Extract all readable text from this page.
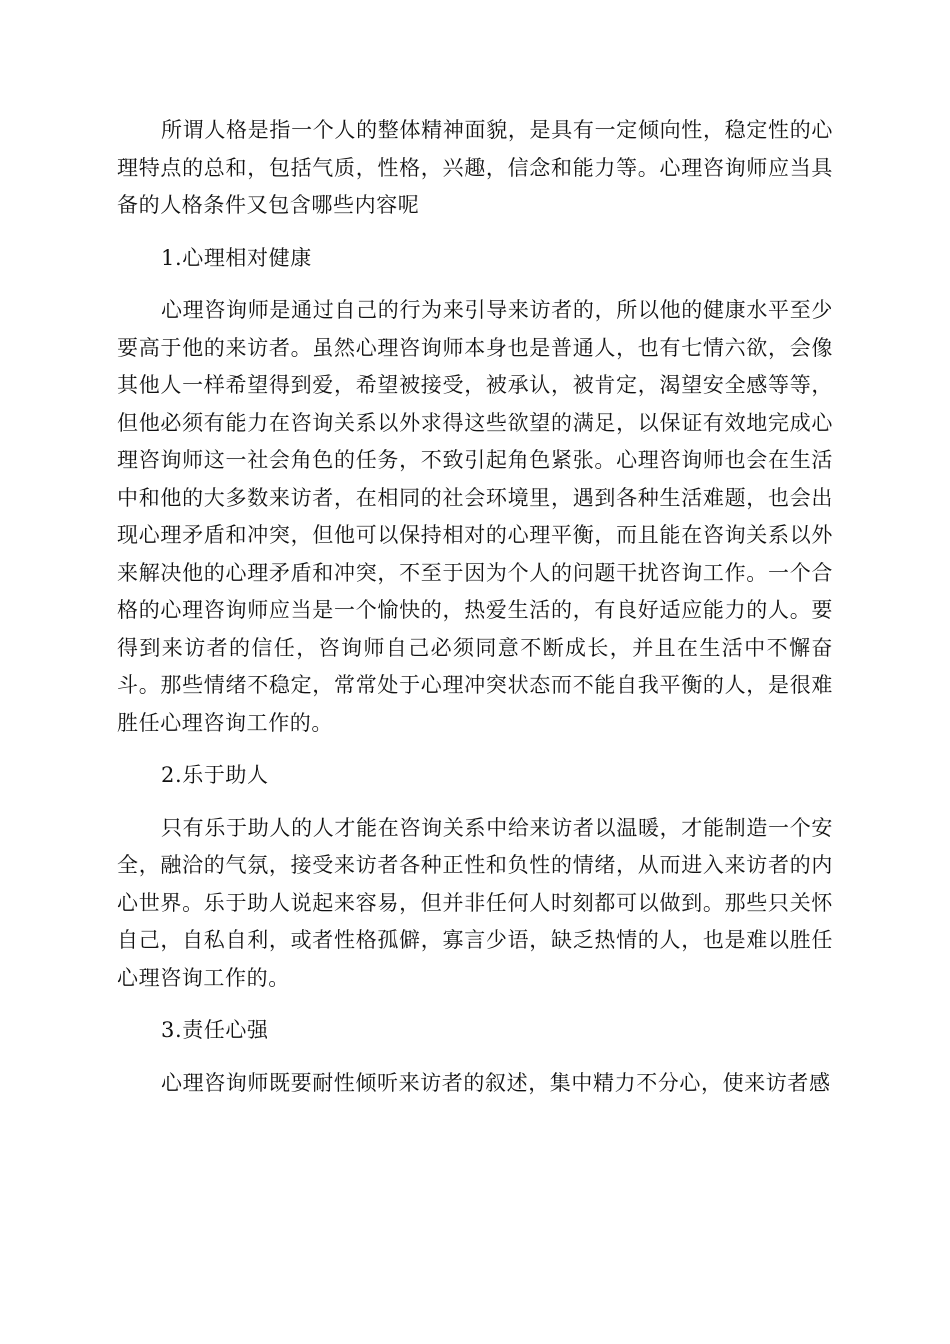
所谓人格是指一个人的整体精神面貌，是具有一定倾向性，稳定性的心理特点的总和，包括气质，性格，兴趣，信念和能力等。心理咨询师应当具备的人格条件又包含哪些内容呢

1.心理相对健康

心理咨询师是通过自己的行为来引导来访者的，所以他的健康水平至少要高于他的来访者。虽然心理咨询师本身也是普通人，也有七情六欲，会像其他人一样希望得到爱，希望被接受，被承认，被肯定，渴望安全感等等，但他必须有能力在咨询关系以外求得这些欲望的满足，以保证有效地完成心理咨询师这一社会角色的任务，不致引起角色紧张。心理咨询师也会在生活中和他的大多数来访者，在相同的社会环境里，遇到各种生活难题，也会出现心理矛盾和冲突，但他可以保持相对的心理平衡，而且能在咨询关系以外来解决他的心理矛盾和冲突，不至于因为个人的问题干扰咨询工作。一个合格的心理咨询师应当是一个愉快的，热爱生活的，有良好适应能力的人。要得到来访者的信任，咨询师自己必须同意不断成长，并且在生活中不懈奋斗。那些情绪不稳定，常常处于心理冲突状态而不能自我平衡的人，是很难胜任心理咨询工作的。

2.乐于助人

只有乐于助人的人才能在咨询关系中给来访者以温暖，才能制造一个安全，融洽的气氛，接受来访者各种正性和负性的情绪，从而进入来访者的内心世界。乐于助人说起来容易，但并非任何人时刻都可以做到。那些只关怀自己，自私自利，或者性格孤僻，寡言少语，缺乏热情的人，也是难以胜任心理咨询工作的。

3.责任心强

心理咨询师既要耐性倾听来访者的叙述，集中精力不分心，使来访者感
